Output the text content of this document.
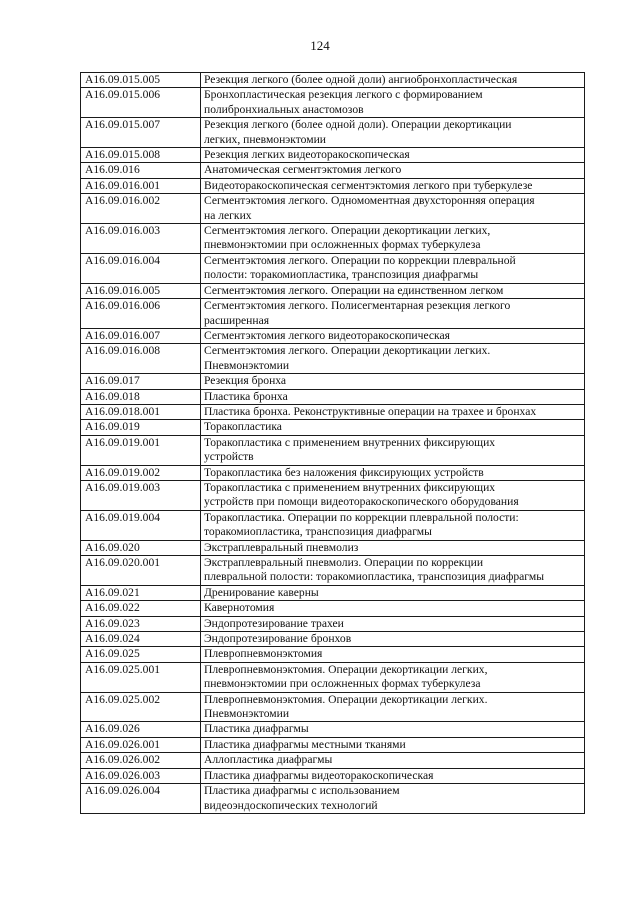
124
A16.09.015.005	Резекция легкого (более одной доли) ангиобронхопластическая

A16.09.015.006	Бронхопластическая резекция легкого с формированием
полибронхиальных анастомозов

A16.09.015.007	Резекция легкого (более одной доли). Операции декортикации
легких, пневмонэктомии

A16.09.015.008	Резекция легких видеоторакоскопическая

A16.09.016	Анатомическая сегментэктомия легкого

A16.09.016.001	Видеоторакоскопическая сегментэктомия легкого при туберкулезе

A16.09.016.002	Сегментэктомия легкого. Одномоментная двухсторонняя операция
на легких

A16.09.016.003	Сегментэктомия легкого. Операции декортикации легких,
пневмонэктомии при осложненных формах туберкулеза

A16.09.016.004	Сегментэктомия легкого. Операции по коррекции плевральной
полости: торакомиопластика, транспозиция диафрагмы

A16.09.016.005	Сегментэктомия легкого. Операции на единственном легком

A16.09.016.006	Сегментэктомия легкого. Полисегментарная резекция легкого
расширенная

A16.09.016.007	Сегментэктомия легкого видеоторакоскопическая

A16.09.016.008	Сегментэктомия легкого. Операции декортикации легких.
Пневмонэктомии

A16.09.017	Резекция бронха

A16.09.018	Пластика бронха

A16.09.018.001	Пластика бронха. Реконструктивные операции на трахее и бронхах

A16.09.019	Торакопластика

A16.09.019.001	Торакопластика с применением внутренних фиксирующих
устройств

A16.09.019.002	Торакопластика без наложения фиксирующих устройств

A16.09.019.003	Торакопластика с применением внутренних фиксирующих
устройств при помощи видеоторакоскопического оборудования

A16.09.019.004	Торакопластика. Операции по коррекции плевральной полости:
торакомиопластика, транспозиция диафрагмы

A16.09.020	Экстраплевральный пневмолиз

A16.09.020.001	Экстраплевральный пневмолиз. Операции по коррекции
плевральной полости: торакомиопластика, транспозиция диафрагмы

A16.09.021	Дренирование каверны

A16.09.022	Кавернотомия

A16.09.023	Эндопротезирование трахеи

A16.09.024	Эндопротезирование бронхов

A16.09.025	Плевропневмонэктомия

A16.09.025.001	Плевропневмонэктомия. Операции декортикации легких,
пневмонэктомии при осложненных формах туберкулеза

A16.09.025.002	Плевропневмонэктомия. Операции декортикации легких.
Пневмонэктомии

A16.09.026	Пластика диафрагмы

A16.09.026.001	Пластика диафрагмы местными тканями

A16.09.026.002	Аллопластика диафрагмы

A16.09.026.003	Пластика диафрагмы видеоторакоскопическая

A16.09.026.004	Пластика диафрагмы с использованием
видеоэндоскопических технологий
